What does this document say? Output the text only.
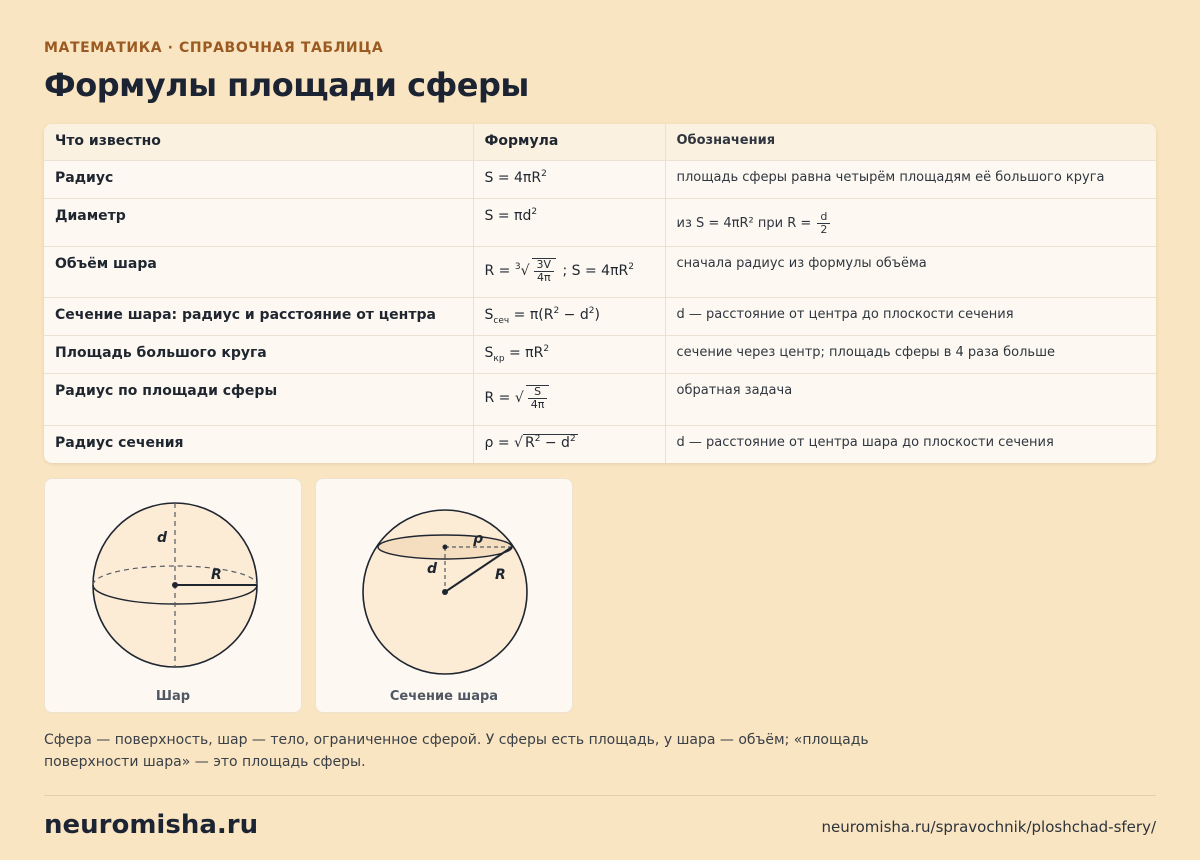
МАТЕМАТИКА · СПРАВОЧНАЯ ТАБЛИЦА
Формулы площади сферы
Что известно	Формула	Обозначения
Радиус	$S = 4\pi R^2$	площадь сферы равна четырём площадям её большого круга
Диаметр	$S = \pi d^2$	из S = 4πR² при $R = \frac{d}{2}$

Объём шара	$R = ^3√ \frac{3V}{4\pi}$ ; $S = 4\pi R^2$	сначала радиус из формулы объёма
Сечение шара: радиус и расстояние от центра	$S_{сеч} = \pi(R^2 - d^2)$	d — расстояние от центра до плоскости сечения
Площадь большого круга	$S_{кр} = \pi R^2$	сечение через центр; площадь сферы в 4 раза больше
Радиус по площади сферы	R = √ $\frac{S}{4\pi}$	обратная задача
Радиус сечения	ρ = √ $R^2 - d^2$	d — расстояние от центра шара до плоскости сечения
d
R
Шар
ρ
d	R
Сечение шара

Сфера — поверхность, шар — тело, ограниченное сферой. У сферы есть площадь, у шара — объём; «площадь поверхности шара» — это площадь сферы.

neuromisha.ru	neuromisha.ru/spravochnik/ploshchad-sfery/
